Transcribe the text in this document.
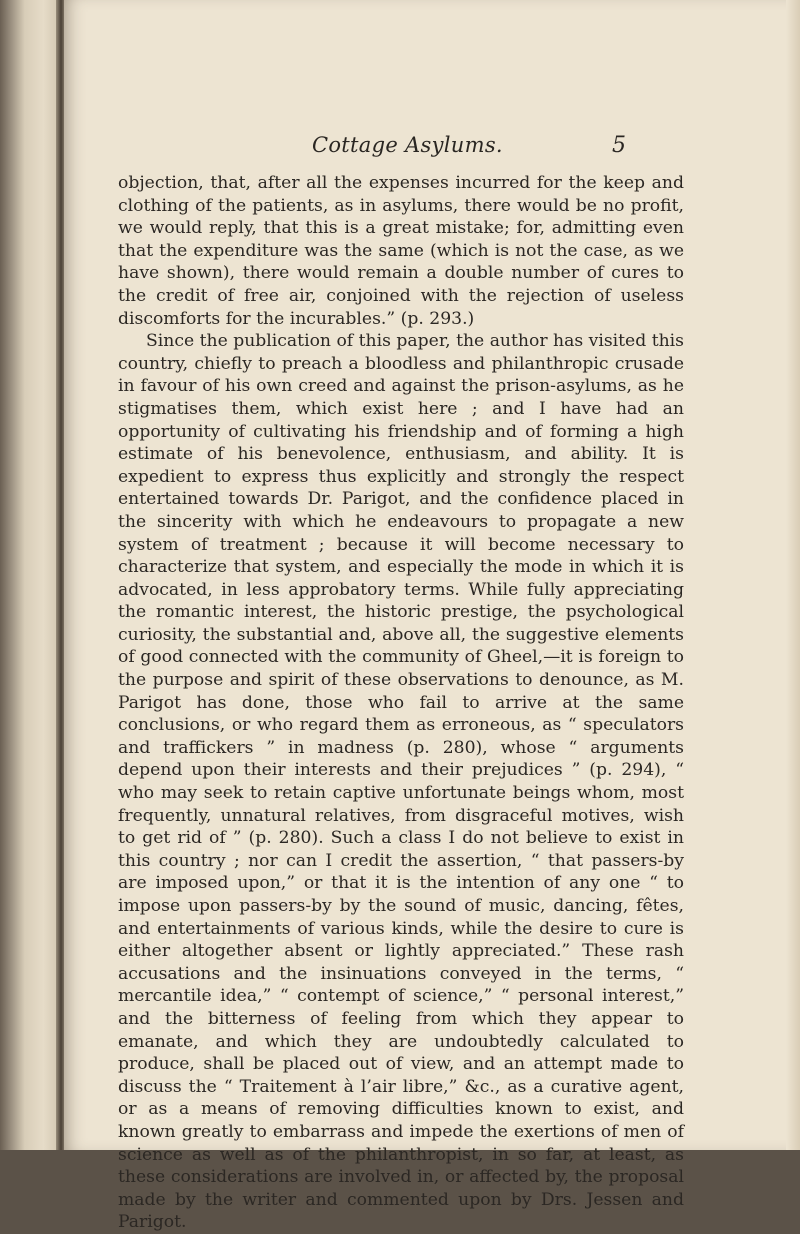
Cottage Asylums.	5

objection, that, after all the expenses incurred for the keep and clothing of the patients, as in asylums, there would be no profit, we would reply, that this is a great mistake; for, admitting even that the expenditure was the same (which is not the case, as we have shown), there would remain a double number of cures to the credit of free air, conjoined with the rejection of useless discomforts for the incurables.” (p. 293.)

Since the publication of this paper, the author has visited this country, chiefly to preach a bloodless and philanthropic crusade in favour of his own creed and against the prison-asylums, as he stigmatises them, which exist here ; and I have had an opportunity of cultivating his friendship and of forming a high estimate of his benevolence, enthusiasm, and ability. It is expedient to express thus explicitly and strongly the respect entertained towards Dr. Parigot, and the confidence placed in the sincerity with which he endeavours to propagate a new system of treatment ; because it will become necessary to characterize that system, and especially the mode in which it is advocated, in less approbatory terms. While fully appreciating the romantic interest, the historic prestige, the psychological curiosity, the substantial and, above all, the suggestive elements of good connected with the community of Gheel,—it is foreign to the purpose and spirit of these observations to denounce, as M. Parigot has done, those who fail to arrive at the same conclusions, or who regard them as erroneous, as “ speculators and traffickers ” in madness (p. 280), whose “ arguments depend upon their interests and their prejudices ” (p. 294), “ who may seek to retain captive unfortunate beings whom, most frequently, unnatural relatives, from disgraceful motives, wish to get rid of ” (p. 280). Such a class I do not believe to exist in this country ; nor can I credit the assertion, “ that passers-by are imposed upon,” or that it is the intention of any one “ to impose upon passers-by by the sound of music, dancing, fêtes, and entertainments of various kinds, while the desire to cure is either altogether absent or lightly appreciated.” These rash accusations and the insinuations conveyed in the terms, “ mercantile idea,” “ contempt of science,” “ personal interest,” and the bitterness of feeling from which they appear to emanate, and which they are undoubtedly calculated to produce, shall be placed out of view, and an attempt made to discuss the “ Traitement à l’air libre,” &c., as a curative agent, or as a means of removing difficulties known to exist, and known greatly to embarrass and impede the exertions of men of science as well as of the philanthropist, in so far, at least, as these considerations are involved in, or affected by, the proposal made by the writer and commented upon by Drs. Jessen and Parigot.
